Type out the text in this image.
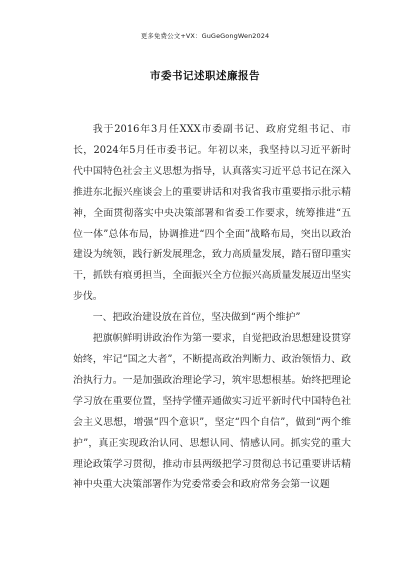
更多免费公文+VX：GuGeGongWen2024
市委书记述职述廉报告

我于2016年3月任XXX市委副书记、政府党组书记、市长，2024年5月任市委书记。年初以来，我坚持以习近平新时代中国特色社会主义思想为指导，认真落实习近平总书记在深入推进东北振兴座谈会上的重要讲话和对我省我市重要指示批示精神，全面贯彻落实中央决策部署和省委工作要求，统筹推进“五位一体”总体布局，协调推进“四个全面”战略布局，突出以政治建设为统领，践行新发展理念，致力高质量发展，踏石留印重实干，抓铁有痕勇担当，全面振兴全方位振兴高质量发展迈出坚实步伐。

一、把政治建设放在首位，坚决做到“两个维护”

把旗帜鲜明讲政治作为第一要求，自觉把政治思想建设贯穿始终，牢记“国之大者”，不断提高政治判断力、政治领悟力、政治执行力。一是加强政治理论学习，筑牢思想根基。始终把理论学习放在重要位置，坚持学懂弄通做实习近平新时代中国特色社会主义思想，增强“四个意识”，坚定“四个自信”，做到“两个维护”，真正实现政治认同、思想认同、情感认同。抓实党的重大理论政策学习贯彻，推动市县两级把学习贯彻总书记重要讲话精神中央重大决策部署作为党委常委会和政府常务会第一议题
